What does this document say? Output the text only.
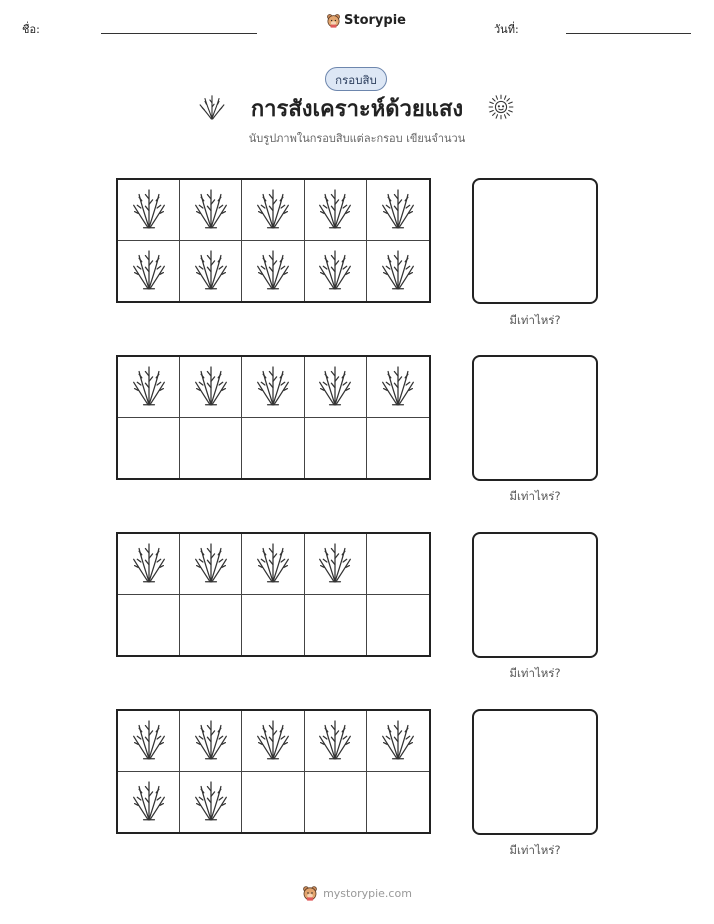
ชื่อ:
Storypie
วันที่:
กรอบสิบ
การสังเคราะห์ด้วยแสง
นับรูปภาพในกรอบสิบแต่ละกรอบ เขียนจำนวน
มีเท่าไหร่?
มีเท่าไหร่?
มีเท่าไหร่?
มีเท่าไหร่?
mystorypie.com
